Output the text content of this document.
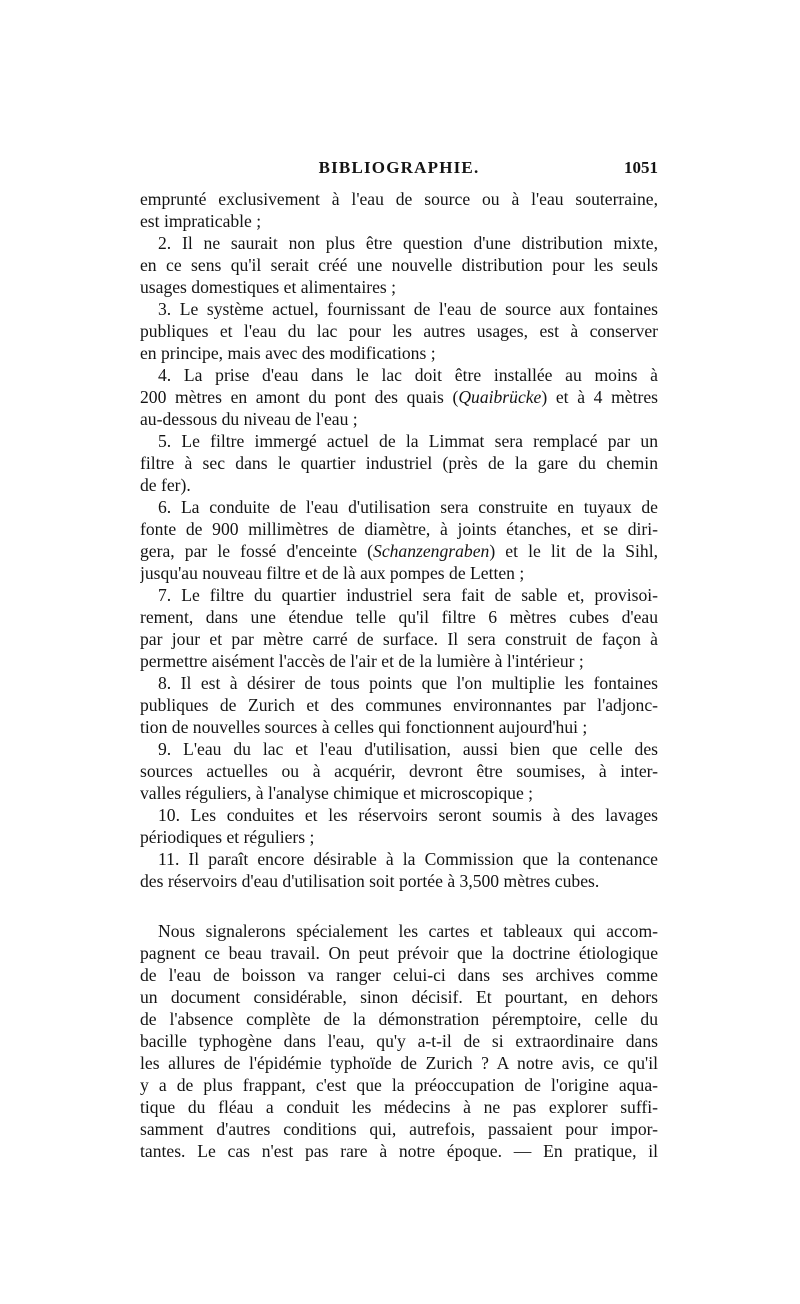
BIBLIOGRAPHIE.	1051
emprunté exclusivement à l'eau de source ou à l'eau souterraine,
est impraticable ;
2. Il ne saurait non plus être question d'une distribution mixte,
en ce sens qu'il serait créé une nouvelle distribution pour les seuls
usages domestiques et alimentaires ;
3. Le système actuel, fournissant de l'eau de source aux fontaines
publiques et l'eau du lac pour les autres usages, est à conserver
en principe, mais avec des modifications ;
4. La prise d'eau dans le lac doit être installée au moins à
200 mètres en amont du pont des quais (Quaibrücke) et à 4 mètres
au-dessous du niveau de l'eau ;
5. Le filtre immergé actuel de la Limmat sera remplacé par un
filtre à sec dans le quartier industriel (près de la gare du chemin
de fer).
6. La conduite de l'eau d'utilisation sera construite en tuyaux de
fonte de 900 millimètres de diamètre, à joints étanches, et se diri-
gera, par le fossé d'enceinte (Schanzengraben) et le lit de la Sihl,
jusqu'au nouveau filtre et de là aux pompes de Letten ;
7. Le filtre du quartier industriel sera fait de sable et, provisoi-
rement, dans une étendue telle qu'il filtre 6 mètres cubes d'eau
par jour et par mètre carré de surface. Il sera construit de façon à
permettre aisément l'accès de l'air et de la lumière à l'intérieur ;
8. Il est à désirer de tous points que l'on multiplie les fontaines
publiques de Zurich et des communes environnantes par l'adjonc-
tion de nouvelles sources à celles qui fonctionnent aujourd'hui ;
9. L'eau du lac et l'eau d'utilisation, aussi bien que celle des
sources actuelles ou à acquérir, devront être soumises, à inter-
valles réguliers, à l'analyse chimique et microscopique ;
10. Les conduites et les réservoirs seront soumis à des lavages
périodiques et réguliers ;
11. Il paraît encore désirable à la Commission que la contenance
des réservoirs d'eau d'utilisation soit portée à 3,500 mètres cubes.
Nous signalerons spécialement les cartes et tableaux qui accom-
pagnent ce beau travail. On peut prévoir que la doctrine étiologique
de l'eau de boisson va ranger celui-ci dans ses archives comme
un document considérable, sinon décisif. Et pourtant, en dehors
de l'absence complète de la démonstration péremptoire, celle du
bacille typhogène dans l'eau, qu'y a-t-il de si extraordinaire dans
les allures de l'épidémie typhoïde de Zurich ? A notre avis, ce qu'il
y a de plus frappant, c'est que la préoccupation de l'origine aqua-
tique du fléau a conduit les médecins à ne pas explorer suffi-
samment d'autres conditions qui, autrefois, passaient pour impor-
tantes. Le cas n'est pas rare à notre époque. — En pratique, il
